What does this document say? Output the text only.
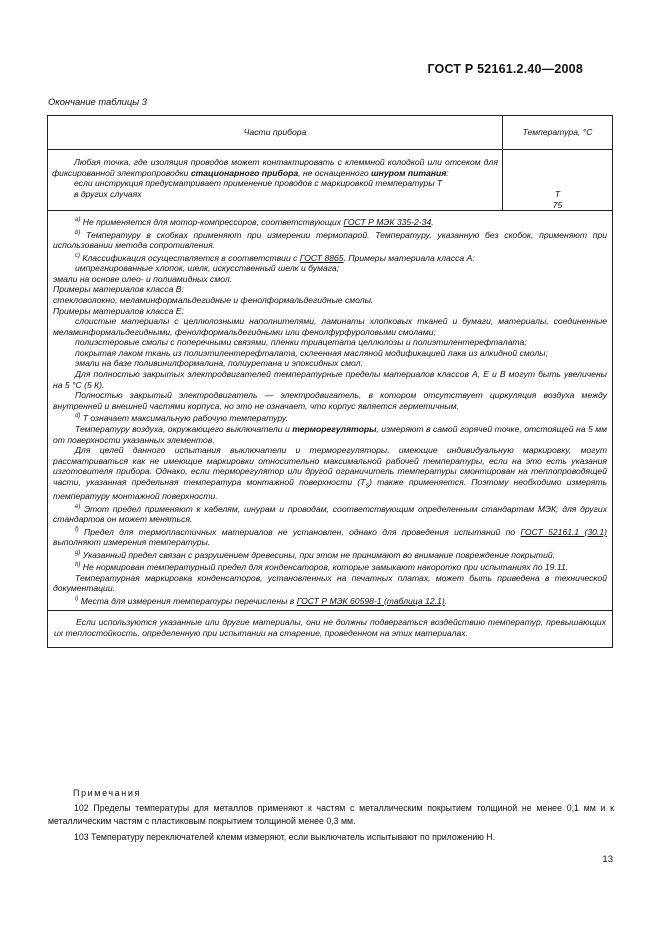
ГОСТ Р 52161.2.40—2008
Окончание таблицы 3
Части прибора	Температура, °С
Любая точка, где изоляция проводов может контактировать с клеммной колодкой или отсеком для фиксированной электропроводки стационарного прибора, не оснащенного шнуром питания:
если инструкция предусматривает применение проводов с маркировкой температуры T
в других случаях	T
75

$^{а)}$ Не применяется для мотор-компрессоров, соответствующих ГОСТ Р МЭК 335-2-34.

$^{b)}$ Температуру в скобках применяют при измерении термопарой. Температуру, указанную без скобок, применяют при использовании метода сопротивления.

$^{c)}$ Классификация осуществляется в соответствии с ГОСТ 8865. Примеры материала класса А:

импрегнированные хлопок, шелк, искусственный шелк и бумага;

эмали на основе олео- и полиамидных смол.

Примеры материалов класса В:

стекловолокно, меламинформальдегидные и фенолформальдегидные смолы.

Примеры материалов класса Е:

слоистые материалы с целлюлозными наполнителями, ламинаты хлопковых тканей и бумаги, материалы, соединенные меламинформальдегидными, фенолформальдегидными или фенолфурфуроловыми смолами;

полиэстеровые смолы с поперечными связями, пленки триацетата целлюлозы и полиэтилентерефталата;

покрытая лаком ткань из полиэтилентерефталата, склеенная масляной модификацией лака из алкидной смолы;

эмали на базе поливинилформалина, полиуретана и эпоксидных смол.

Для полностью закрытых электродвигателей температурные пределы материалов классов А, Е и В могут быть увеличены на 5 °С (5 К).

Полностью закрытый электродвигатель — электродвигатель, в котором отсутствует циркуляция воздуха между внутренней и внешней частями корпуса, но это не означает, что корпус является герметичным.

$^{d)}$ T означает максимальную рабочую температуру.

Температуру воздуха, окружающего выключатели и терморегуляторы, измеряют в самой горячей точке, отстоящей на 5 мм от поверхности указанных элементов.

Для целей данного испытания выключатели и терморегуляторы, имеющие индивидуальную маркировку, могут рассматриваться как не имеющие маркировки относительно максимальной рабочей температуры, если на это есть указания изготовителя прибора. Однако, если терморегулятор или другой ограничитель температуры смонтирован на теплопроводящей части, указанная предельная температура монтажной поверхности $(T_s)$ также применяется. Поэтому необходимо измерять температуру монтажной поверхности.

$^{e)}$ Этот предел применяют к кабелям, шнурам и проводам, соответствующим определенным стандартам МЭК; для других стандартов он может меняться.

$^{f)}$ Предел для термопластичных материалов не установлен, однако для проведения испытаний по ГОСТ 52161.1 (30.1) выполняют измерения температуры.

$^{g)}$ Указанный предел связан с разрушением древесины, при этом не принимают во внимание повреждение покрытий.

$^{h)}$ Не нормирован температурный предел для конденсаторов, которые замыкают накоротко при испытаниях по 19.11.

Температурная маркировка конденсаторов, установленных на печатных платах, может быть приведена в технической документации.

$^{i)}$ Места для измерения температуры перечислены в ГОСТ Р МЭК 60598-1 (таблица 12.1).

Если используются указанные или другие материалы, они не должны подвергаться воздействию температур, превышающих их теплостойкость, определенную при испытании на старение, проведенном на этих материалах.

Примечания
102 Пределы температуры для металлов применяют к частям с металлическим покрытием толщиной не менее 0,1 мм и к металлическим частям с пластиковым покрытием толщиной менее 0,3 мм.
103 Температуру переключателей клемм измеряют, если выключатель испытывают по приложению Н.
13
